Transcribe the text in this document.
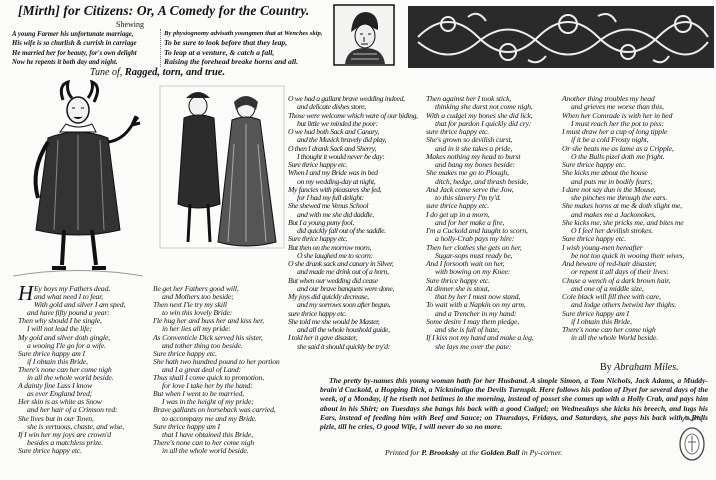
[Mirth] for Citizens: Or, A Comedy for the Country.
Shewing
A young Farmer his unfortunate marriage,
His wife is so churlish & currish in carriage
He married her for beauty, for's own delight
Now he repents it both day and night.
By physiognomy advisath youngmen that at Wenches skip,
To be sure to look before that they leap,
To leap at a venture, & catch a fall,
Raising the forehead breake horns and all.
Tune of, Ragged, torn, and true.
H Ey boys my Fathers dead,
and what need I to fear,
With gold and silver I am sped,
and have fifty pound a year:
Then why should I be single,
I will not lead the life;
My gold and silver doth gingle,
a wooing I'le go for a wife.
Sure thrice happy am I
if I obtain this Bride,
There's none can her come nigh
in all the whole world beside.
A dainty fine Lass I know
as ever England bred;
Her skin is as white as Snow
and her hair of a Crimson red:
She lives but in our Town,
she is vertuous, chaste, and wise,
If I win her my joys are crown'd
besides a matchless prize.
Sure thrice happy etc.
Ile get her Fathers good will,
and Mothers too beside;
Then next I'le try my skill
to win this lovely Bride:
I'le hug her and buss her and kiss her,
in her lies all my pride:
As Conventicle Dick served his sister,
and tother thing too beside.
Sure thrice happy etc.
She hath two hundred pound to her portion
and I a great deal of Land:
Thus shall I come quick to promotion,
for love I take her by the hand:
But when I went to be married,
I was in the height of my pride;
Brave gallants on horseback was carried,
to accompany me and my Bride.
Sure thrice happy am I
that I have obtained this Bride,
There's none can to her come nigh
in all the whole world beside.
O we had a gallant brave wedding indeed,
and delicate dishes store,
Those were welcome which ware of our biding,
but little we minded the poor:
O we had both Sack and Canary,
and the Musick bravely did play,
O then I drank Sack and Sherry,
I thought it would never be day:
Sure thrice happy etc.
When I and my Bride was in bed
on my wedding-day at night,
My fancies with pleasures she fed,
for I had my full delight:
She shewed me Venus School
and with me she did daddle,
But I a young puny fool,
did quickly fall out of the saddle.
Sure thrice happy etc.
But then on the morrow morn,
O she laughed me to scorn:
O she drank sack and canary in Silver,
and made me drink out of a horn,
But when our wedding did cease
and our brave banquets were done,
My joys did quickly decrease,
and my sorrows soon after begun,
sure thrice happy etc.
She told me she would be Master,
and all the whole houshold guide,
I told her it gave disaster,
she said it should quickly be try'd:
Then against her I took stick,
thinking she durst not come nigh,
With a cudgel my bones she did lick,
that for pardon I quickly did cry:
sure thrice happy etc.
She's grown so devilish curst,
and in it she takes a pride,
Makes nothing my head to burst
and bang my bones beside:
She makes me go to Plough,
ditch, hedge, and thrash beside,
And Jack come serve the Jow,
to this slavery I'm ty'd.
sure thrice happy etc.
I do get up in a morn,
and for her make a fire,
I'm a Cuckold and laught to scorn,
a holly-Crab pays my hire:
Then her clothes she gets on her,
Sugar-sops must ready be,
And I forsooth wait on her,
with bowing on my Knee:
Sure thrice happy etc.
At dinner she is stout,
that by her I must now stand,
To wait with a Napkin on my arm,
and a Trencher in my hand:
Some desire I may them pledge,
and she is full of hate,
If I kiss not my hand and make a leg,
she lays me over the pate:
Another thing troubles my head
and grieves me worse than this,
When her Comrade is with her in bed
I must reach her the pot to piss:
I must draw her a cup of long tipple
if it be a cold Frosty night,
Or she beats me as lame as a Cripple,
O the Bulls pizel doth me fright.
Sure thrice happy etc.
She kicks me about the house
and puts me in bodily fears,
I dare not say dun is the Mouse,
she pinches me through the ears.
She makes horns at me & doth slight me,
and makes me a Jackonokes,
She kicks me, she pricks me, and bites me
O I feel her devilish strokes.
Sure thrice happy etc.
I wish young-men hereafter
be not too quick in wooing their wives,
And beware of red-hair disaster,
or repent it all days of their lives:
Chuse a wench of a dark brown hair,
and one of a middle size,
Cole black will fill thee with care,
and lodge others betwixt her thighs.
Sure thrice happy am I
if I obtain this Bride,
There's none can her come nigh
in all the whole World beside.
By Abraham Miles.
The pretty by-names this young woman hath for her Husband. A simple Simon, a Tom Nichols, Jack Adams, a Muddy-brain'd Cuckold, a Hopping Dick, a Nicknindigo the Devils Turnspit. Here follows his potion of Dyet for several days of the week, of a Monday, if he riseth not betimes in the morning, instead of posset she comes up with a Holly Crab, and pays him about in his Shirt; on Tuesdays she bangs his back with a good Cudgel; on Wednesdays she kicks his breech, and lugs his Ears, instead of feeding him with Beef and Sauce; on Thursdays, Fridays, and Saturdays, she pays his back with a Bulls pizle, till he cries, O good Wife, I will never do so no more.
Printed for P. Brooksby at the Golden Ball in Py-corner.
